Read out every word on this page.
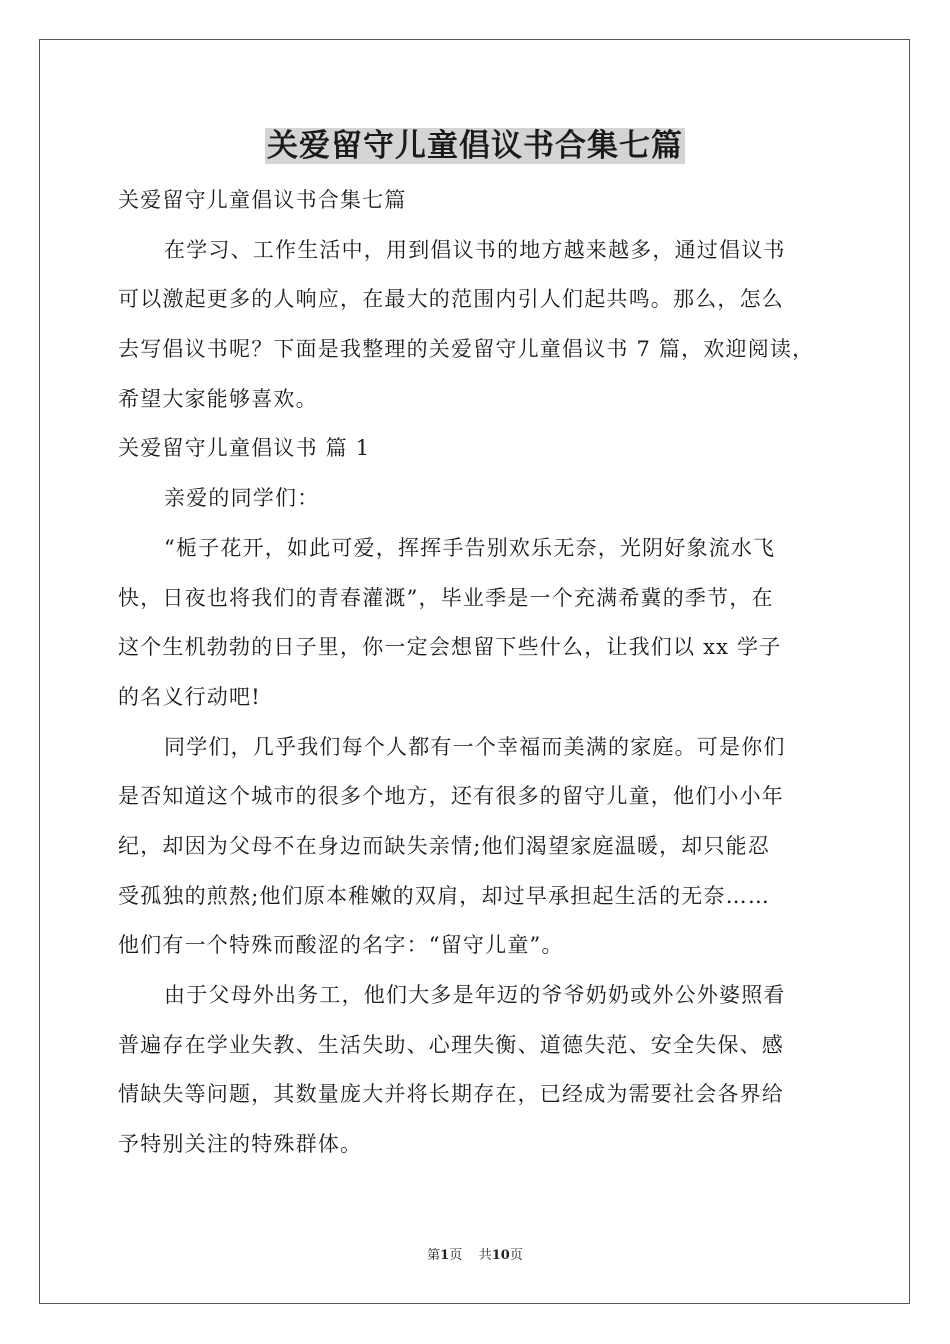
关爱留守儿童倡议书合集七篇

关爱留守儿童倡议书合集七篇

在学习、工作生活中，用到倡议书的地方越来越多，通过倡议书

可以激起更多的人响应，在最大的范围内引人们起共鸣。那么，怎么

去写倡议书呢？下面是我整理的关爱留守儿童倡议书 7 篇，欢迎阅读，

希望大家能够喜欢。

关爱留守儿童倡议书 篇 1

亲爱的同学们：

“栀子花开，如此可爱，挥挥手告别欢乐无奈，光阴好象流水飞

快，日夜也将我们的青春灌溉”，毕业季是一个充满希冀的季节，在

这个生机勃勃的日子里，你一定会想留下些什么，让我们以 xx 学子

的名义行动吧!

同学们，几乎我们每个人都有一个幸福而美满的家庭。可是你们

是否知道这个城市的很多个地方，还有很多的留守儿童，他们小小年

纪，却因为父母不在身边而缺失亲情;他们渴望家庭温暖，却只能忍

受孤独的煎熬;他们原本稚嫩的双肩，却过早承担起生活的无奈……

他们有一个特殊而酸涩的名字：“留守儿童”。

由于父母外出务工，他们大多是年迈的爷爷奶奶或外公外婆照看

普遍存在学业失教、生活失助、心理失衡、道德失范、安全失保、感

情缺失等问题，其数量庞大并将长期存在，已经成为需要社会各界给

予特别关注的特殊群体。

第1页    共10页
